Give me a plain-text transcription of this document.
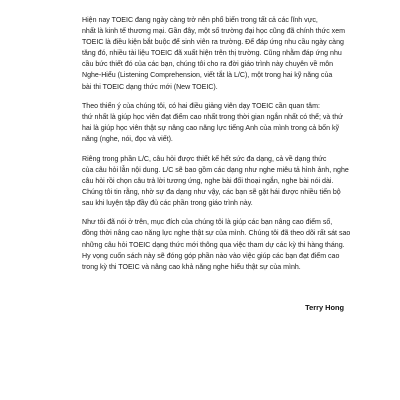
Hiện nay TOEIC đang ngày càng trở nên phổ biến trong tất cả các lĩnh vực,
nhất là kinh tế thương mại. Gần đây, một số trường đại học cũng đã chính thức xem
TOEIC là điều kiện bắt buộc để sinh viên ra trường. Để đáp ứng nhu cầu ngày càng
tăng đó, nhiều tài liệu TOEIC đã xuất hiện trên thị trường. Cũng nhằm đáp ứng nhu
cầu bức thiết đó của các bạn, chúng tôi cho ra đời giáo trình này chuyên về môn
Nghe-Hiểu (Listening Comprehension, viết tắt là L/C), một trong hai kỹ năng của
bài thi TOEIC dạng thức mới (New TOEIC).
Theo thiển ý của chúng tôi, có hai điều giảng viên dạy TOEIC cần quan tâm:
thứ nhất là giúp học viên đạt điểm cao nhất trong thời gian ngắn nhất có thể; và thứ
hai là giúp học viên thật sự nâng cao năng lực tiếng Anh của mình trong cả bốn kỹ
năng (nghe, nói, đọc và viết).
Riêng trong phần L/C, câu hỏi được thiết kế hết sức đa dạng, cả về dạng thức
của câu hỏi lẫn nội dung. L/C sẽ bao gồm các dạng như nghe miêu tả hình ảnh, nghe
câu hỏi rồi chọn câu trả lời tương ứng, nghe bài đối thoại ngắn, nghe bài nói dài.
Chúng tôi tin rằng, nhờ sự đa dạng như vậy, các bạn sẽ gặt hái được nhiều tiến bộ
sau khi luyện tập đầy đủ các phần trong giáo trình này.
Như tôi đã nói ở trên, mục đích của chúng tôi là giúp các bạn nâng cao điểm số,
đồng thời nâng cao năng lực nghe thật sự của mình. Chúng tôi đã theo dõi rất sát sao
những câu hỏi TOEIC dạng thức mới thông qua việc tham dự các kỳ thi hàng tháng.
Hy vọng cuốn sách này sẽ đóng góp phần nào vào việc giúp các bạn đạt điểm cao
trong kỳ thi TOEIC và nâng cao khả năng nghe hiểu thật sự của mình.
Terry Hong
